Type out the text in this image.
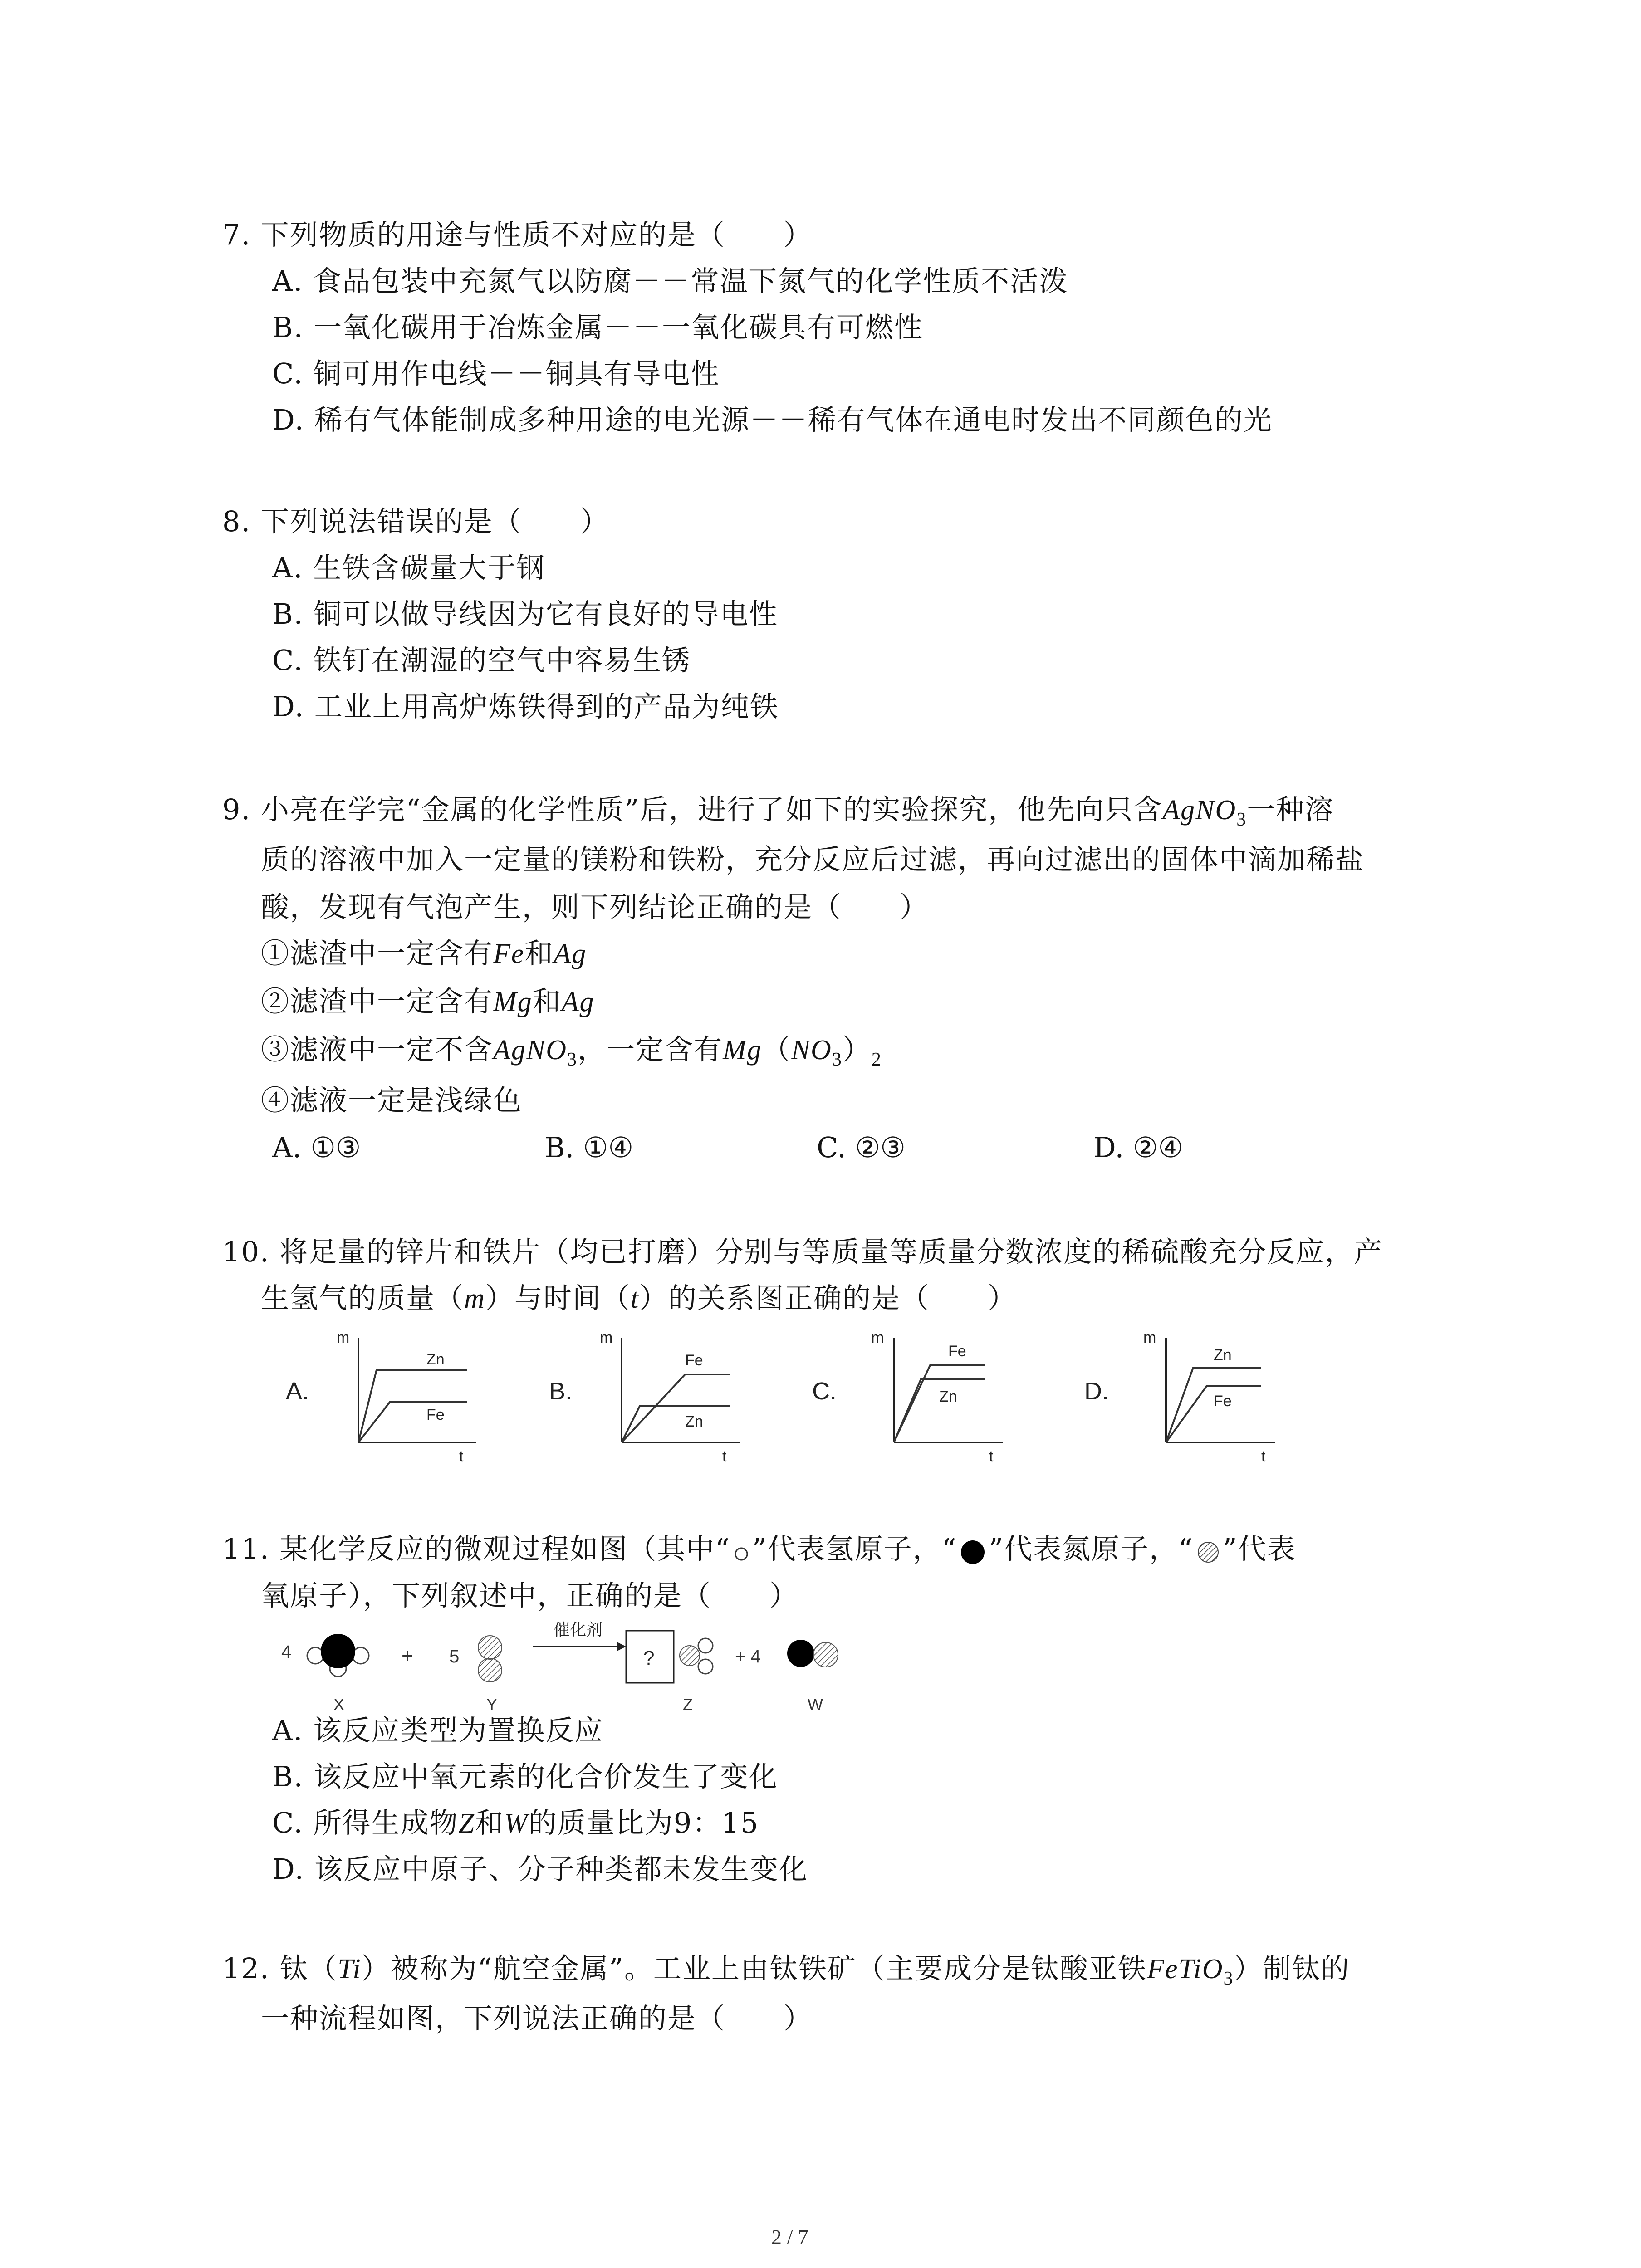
7. 下列物质的用途与性质不对应的是（　　）
A. 食品包装中充氮气以防腐－－常温下氮气的化学性质不活泼
B. 一氧化碳用于冶炼金属－－一氧化碳具有可燃性
C. 铜可用作电线－－铜具有导电性
D. 稀有气体能制成多种用途的电光源－－稀有气体在通电时发出不同颜色的光
8. 下列说法错误的是（　　）
A. 生铁含碳量大于钢
B. 铜可以做导线因为它有良好的导电性
C. 铁钉在潮湿的空气中容易生锈
D. 工业上用高炉炼铁得到的产品为纯铁
9. 小亮在学完“金属的化学性质”后，进行了如下的实验探究，他先向只含AgNO$_3$一种溶
质的溶液中加入一定量的镁粉和铁粉，充分反应后过滤，再向过滤出的固体中滴加稀盐
酸，发现有气泡产生，则下列结论正确的是（　　）
①滤渣中一定含有Fe和Ag
②滤渣中一定含有Mg和Ag
③滤液中一定不含AgNO$_3$，一定含有$Mg(NO_3)_2$
④滤液一定是浅绿色
A. ①③	B. ①④	C. ②③	D. ②④
10. 将足量的锌片和铁片（均已打磨）分别与等质量等质量分数浓度的稀硫酸充分反应，产
生氢气的质量（m）与时间（t）的关系图正确的是（　　）
A.
m
t
Zn
Fe
B.
m
t
Fe
Zn
C.
m
t
Fe
Zn	D.
m
t
Zn
Fe
11. 某化学反应的微观过程如图（其中“ ”代表氢原子，“ ”代表氮原子，“ ”代表
氧原子），下列叙述中，正确的是（　　）
4
X
+ 5
Y
催化剂
?
Z
+ 4
W
A. 该反应类型为置换反应
B. 该反应中氧元素的化合价发生了变化
C. 所得生成物Z和W的质量比为9：15
D. 该反应中原子、分子种类都未发生变化
12. 钛（Ti）被称为“航空金属”。工业上由钛铁矿（主要成分是钛酸亚铁FeTiO$_3$）制钛的
一种流程如图，下列说法正确的是（　　）
2 / 7
